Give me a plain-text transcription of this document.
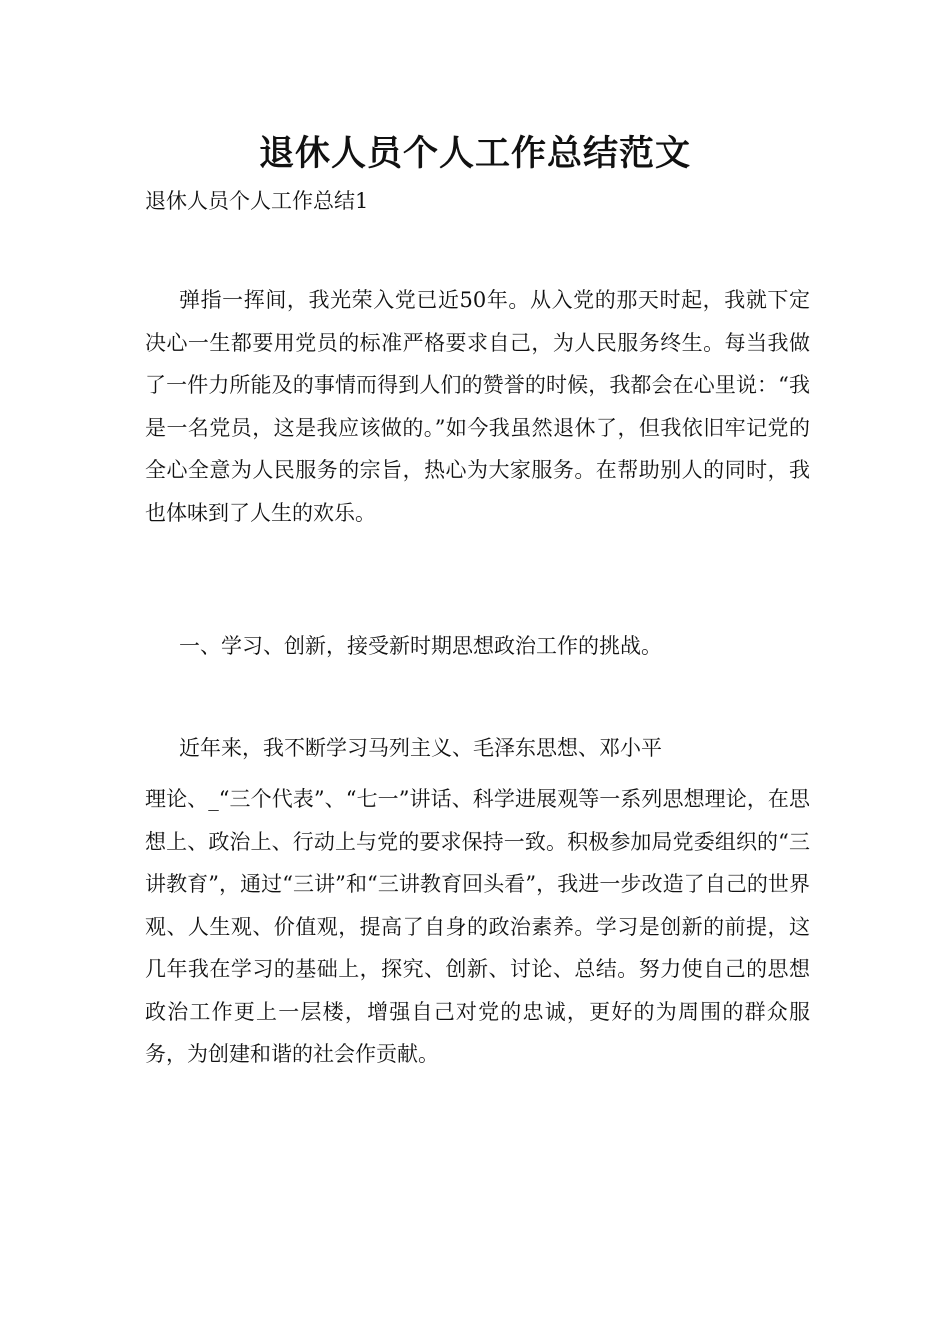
退休人员个人工作总结范文
退休人员个人工作总结1

弹指一挥间，我光荣入党已近50年。从入党的那天时起，我就下定决心一生都要用党员的标准严格要求自己，为人民服务终生。每当我做了一件力所能及的事情而得到人们的赞誉的时候，我都会在心里说：“我是一名党员，这是我应该做的。”如今我虽然退休了，但我依旧牢记党的全心全意为人民服务的宗旨，热心为大家服务。在帮助别人的同时，我也体味到了人生的欢乐。

一、学习、创新，接受新时期思想政治工作的挑战。
近年来，我不断学习马列主义、毛泽东思想、邓小平

理论、_“三个代表”、“七一”讲话、科学进展观等一系列思想理论，在思想上、政治上、行动上与党的要求保持一致。积极参加局党委组织的“三讲教育”，通过“三讲”和“三讲教育回头看”，我进一步改造了自己的世界观、人生观、价值观，提高了自身的政治素养。学习是创新的前提，这几年我在学习的基础上，探究、创新、讨论、总结。努力使自己的思想政治工作更上一层楼，增强自己对党的忠诚，更好的为周围的群众服务，为创建和谐的社会作贡献。
